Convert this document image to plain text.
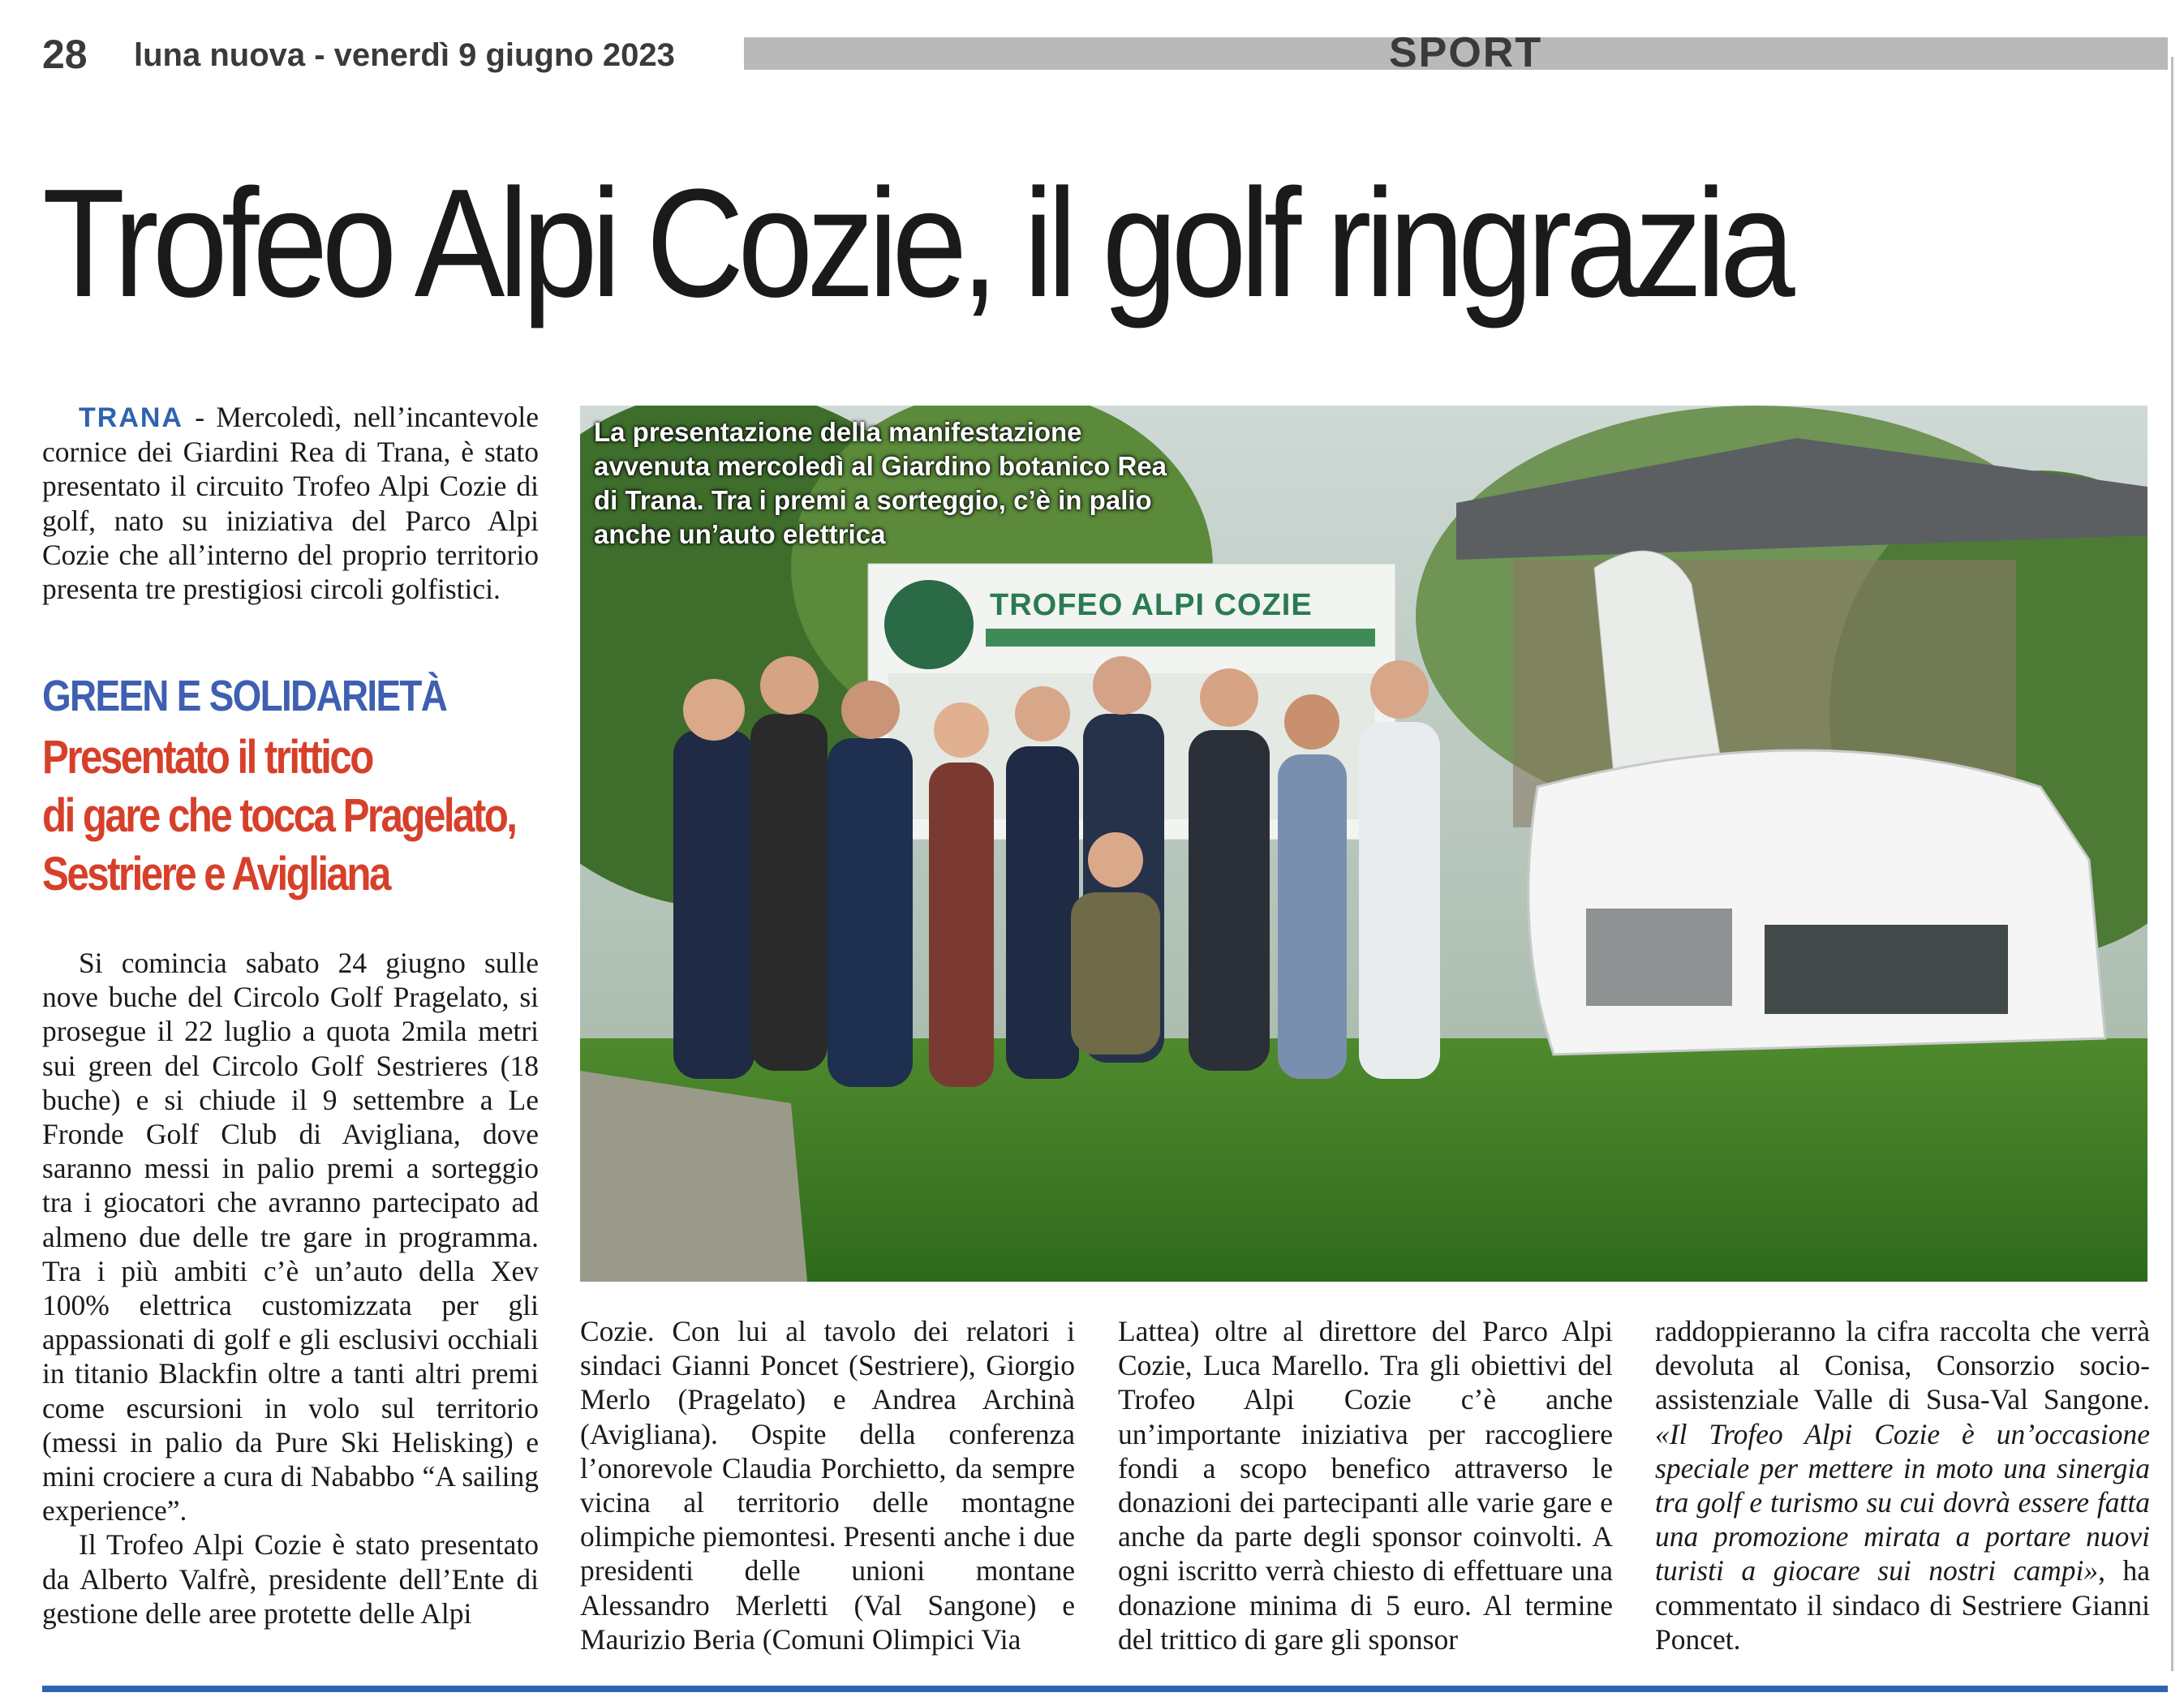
28 luna nuova - venerdì 9 giugno 2023	SPORT
Trofeo Alpi Cozie, il golf ringrazia

TRANA - Mercoledì, nell’incantevole cornice dei Giardini Rea di Trana, è stato presentato il circuito Trofeo Alpi Cozie di golf, nato su iniziativa del Parco Alpi Cozie che all’interno del proprio territorio presenta tre prestigiosi circoli golfistici.

GREEN E SOLIDARIETÀ
Presentato il trittico
di gare che tocca Pragelato,
Sestriere e Avigliana

Si comincia sabato 24 giugno sulle nove buche del Circolo Golf Pragelato, si prosegue il 22 luglio a quota 2mila metri sui green del Circolo Golf Sestrieres (18 buche) e si chiude il 9 settembre a Le Fronde Golf Club di Avigliana, dove saranno messi in palio premi a sorteggio tra i giocatori che avranno partecipato ad almeno due delle tre gare in programma. Tra i più ambiti c’è un’auto della Xev 100% elettrica customizzata per gli appassionati di golf e gli esclusivi occhiali in titanio Blackfin oltre a tanti altri premi come escursioni in volo sul territorio (messi in palio da Pure Ski Helisking) e mini crociere a cura di Nababbo “A sailing experience”.

Il Trofeo Alpi Cozie è stato presentato da Alberto Valfrè, presidente dell’Ente di gestione delle aree protette delle Alpi

TROFEO ALPI COZIE
La presentazione della manifestazione
avvenuta mercoledì al Giardino botanico Rea
di Trana. Tra i premi a sorteggio, c’è in palio
anche un’auto elettrica

Cozie. Con lui al tavolo dei relatori i sindaci Gianni Poncet (Sestriere), Giorgio Merlo (Pragelato) e Andrea Archinà (Avigliana). Ospite della conferenza l’onorevole Claudia Porchietto, da sempre vicina al territorio delle montagne olimpiche piemontesi. Presenti anche i due presidenti delle unioni montane Alessandro Merletti (Val Sangone) e Maurizio Beria (Comuni Olimpici Via

Lattea) oltre al direttore del Parco Alpi Cozie, Luca Marello. Tra gli obiettivi del Trofeo Alpi Cozie c’è anche un’importante iniziativa per raccogliere fondi a scopo benefico attraverso le donazioni dei partecipanti alle varie gare e anche da parte degli sponsor coinvolti. A ogni iscritto verrà chiesto di effettuare una donazione minima di 5 euro. Al termine del trittico di gare gli sponsor

raddoppieranno la cifra raccolta che verrà devoluta al Conisa, Consorzio socio-assistenziale Valle di Susa-Val Sangone. «Il Trofeo Alpi Cozie è un’occasione speciale per mettere in moto una sinergia tra golf e turismo su cui dovrà essere fatta una promozione mirata a portare nuovi turisti a giocare sui nostri campi», ha commentato il sindaco di Sestriere Gianni Poncet.
